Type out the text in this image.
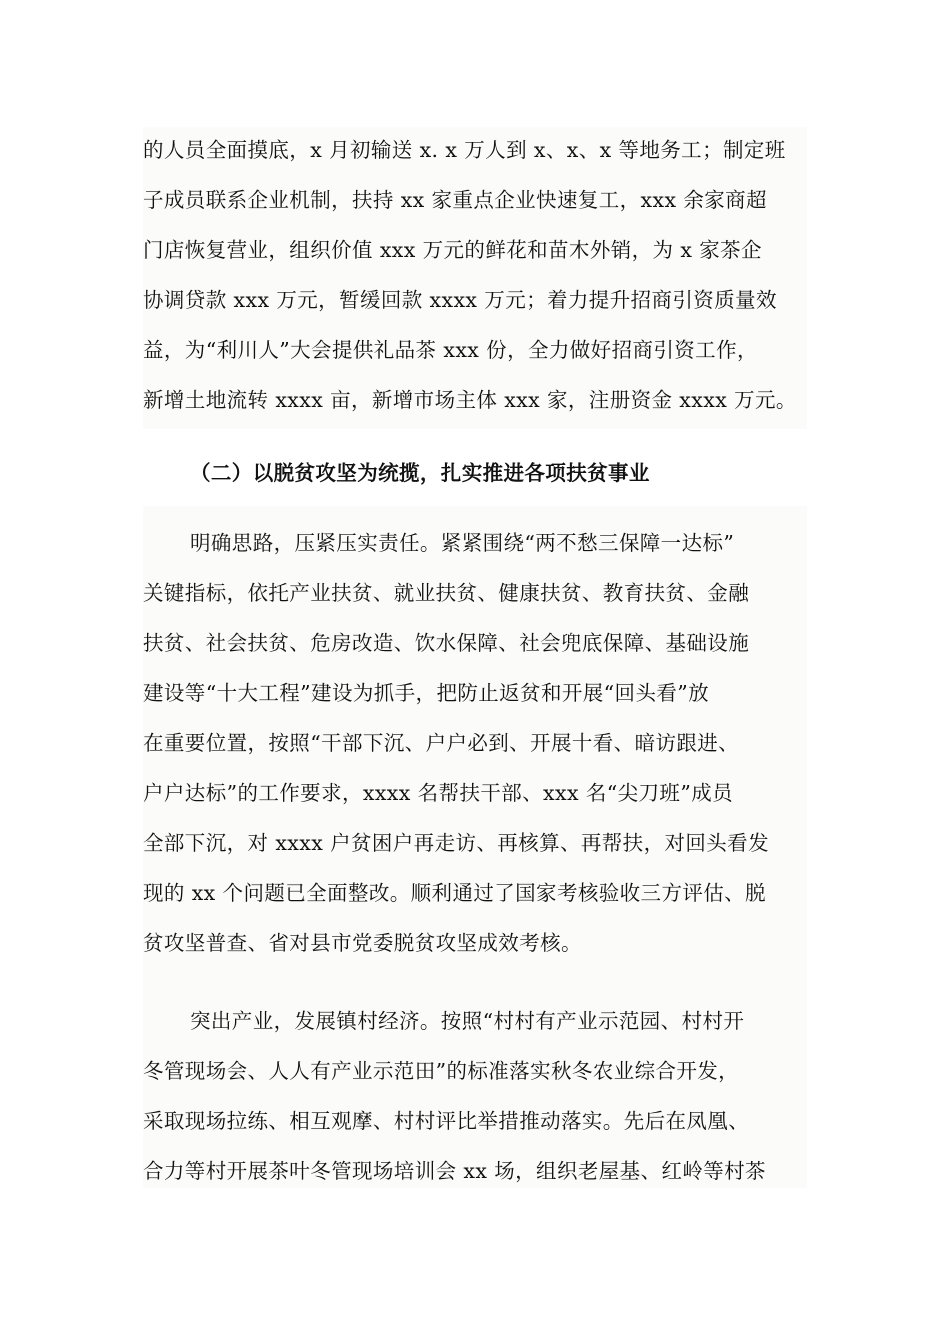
的人员全面摸底，x 月初输送 x. x 万人到 x、x、x 等地务工；制定班
子成员联系企业机制，扶持 xx 家重点企业快速复工，xxx 余家商超
门店恢复营业，组织价值 xxx 万元的鲜花和苗木外销，为 x 家茶企
协调贷款 xxx 万元，暂缓回款 xxxx 万元；着力提升招商引资质量效
益，为“利川人”大会提供礼品茶 xxx 份，全力做好招商引资工作，
新增土地流转 xxxx 亩，新增市场主体 xxx 家，注册资金 xxxx 万元。
（二）以脱贫攻坚为统揽，扎实推进各项扶贫事业
明确思路，压紧压实责任。紧紧围绕“两不愁三保障一达标”
关键指标，依托产业扶贫、就业扶贫、健康扶贫、教育扶贫、金融
扶贫、社会扶贫、危房改造、饮水保障、社会兜底保障、基础设施
建设等“十大工程”建设为抓手，把防止返贫和开展“回头看”放
在重要位置，按照“干部下沉、户户必到、开展十看、暗访跟进、
户户达标”的工作要求，xxxx 名帮扶干部、xxx 名“尖刀班”成员
全部下沉，对 xxxx 户贫困户再走访、再核算、再帮扶，对回头看发
现的 xx 个问题已全面整改。顺利通过了国家考核验收三方评估、脱
贫攻坚普查、省对县市党委脱贫攻坚成效考核。
突出产业，发展镇村经济。按照“村村有产业示范园、村村开
冬管现场会、人人有产业示范田”的标准落实秋冬农业综合开发，
采取现场拉练、相互观摩、村村评比举措推动落实。先后在凤凰、
合力等村开展茶叶冬管现场培训会 xx 场，组织老屋基、红岭等村茶
